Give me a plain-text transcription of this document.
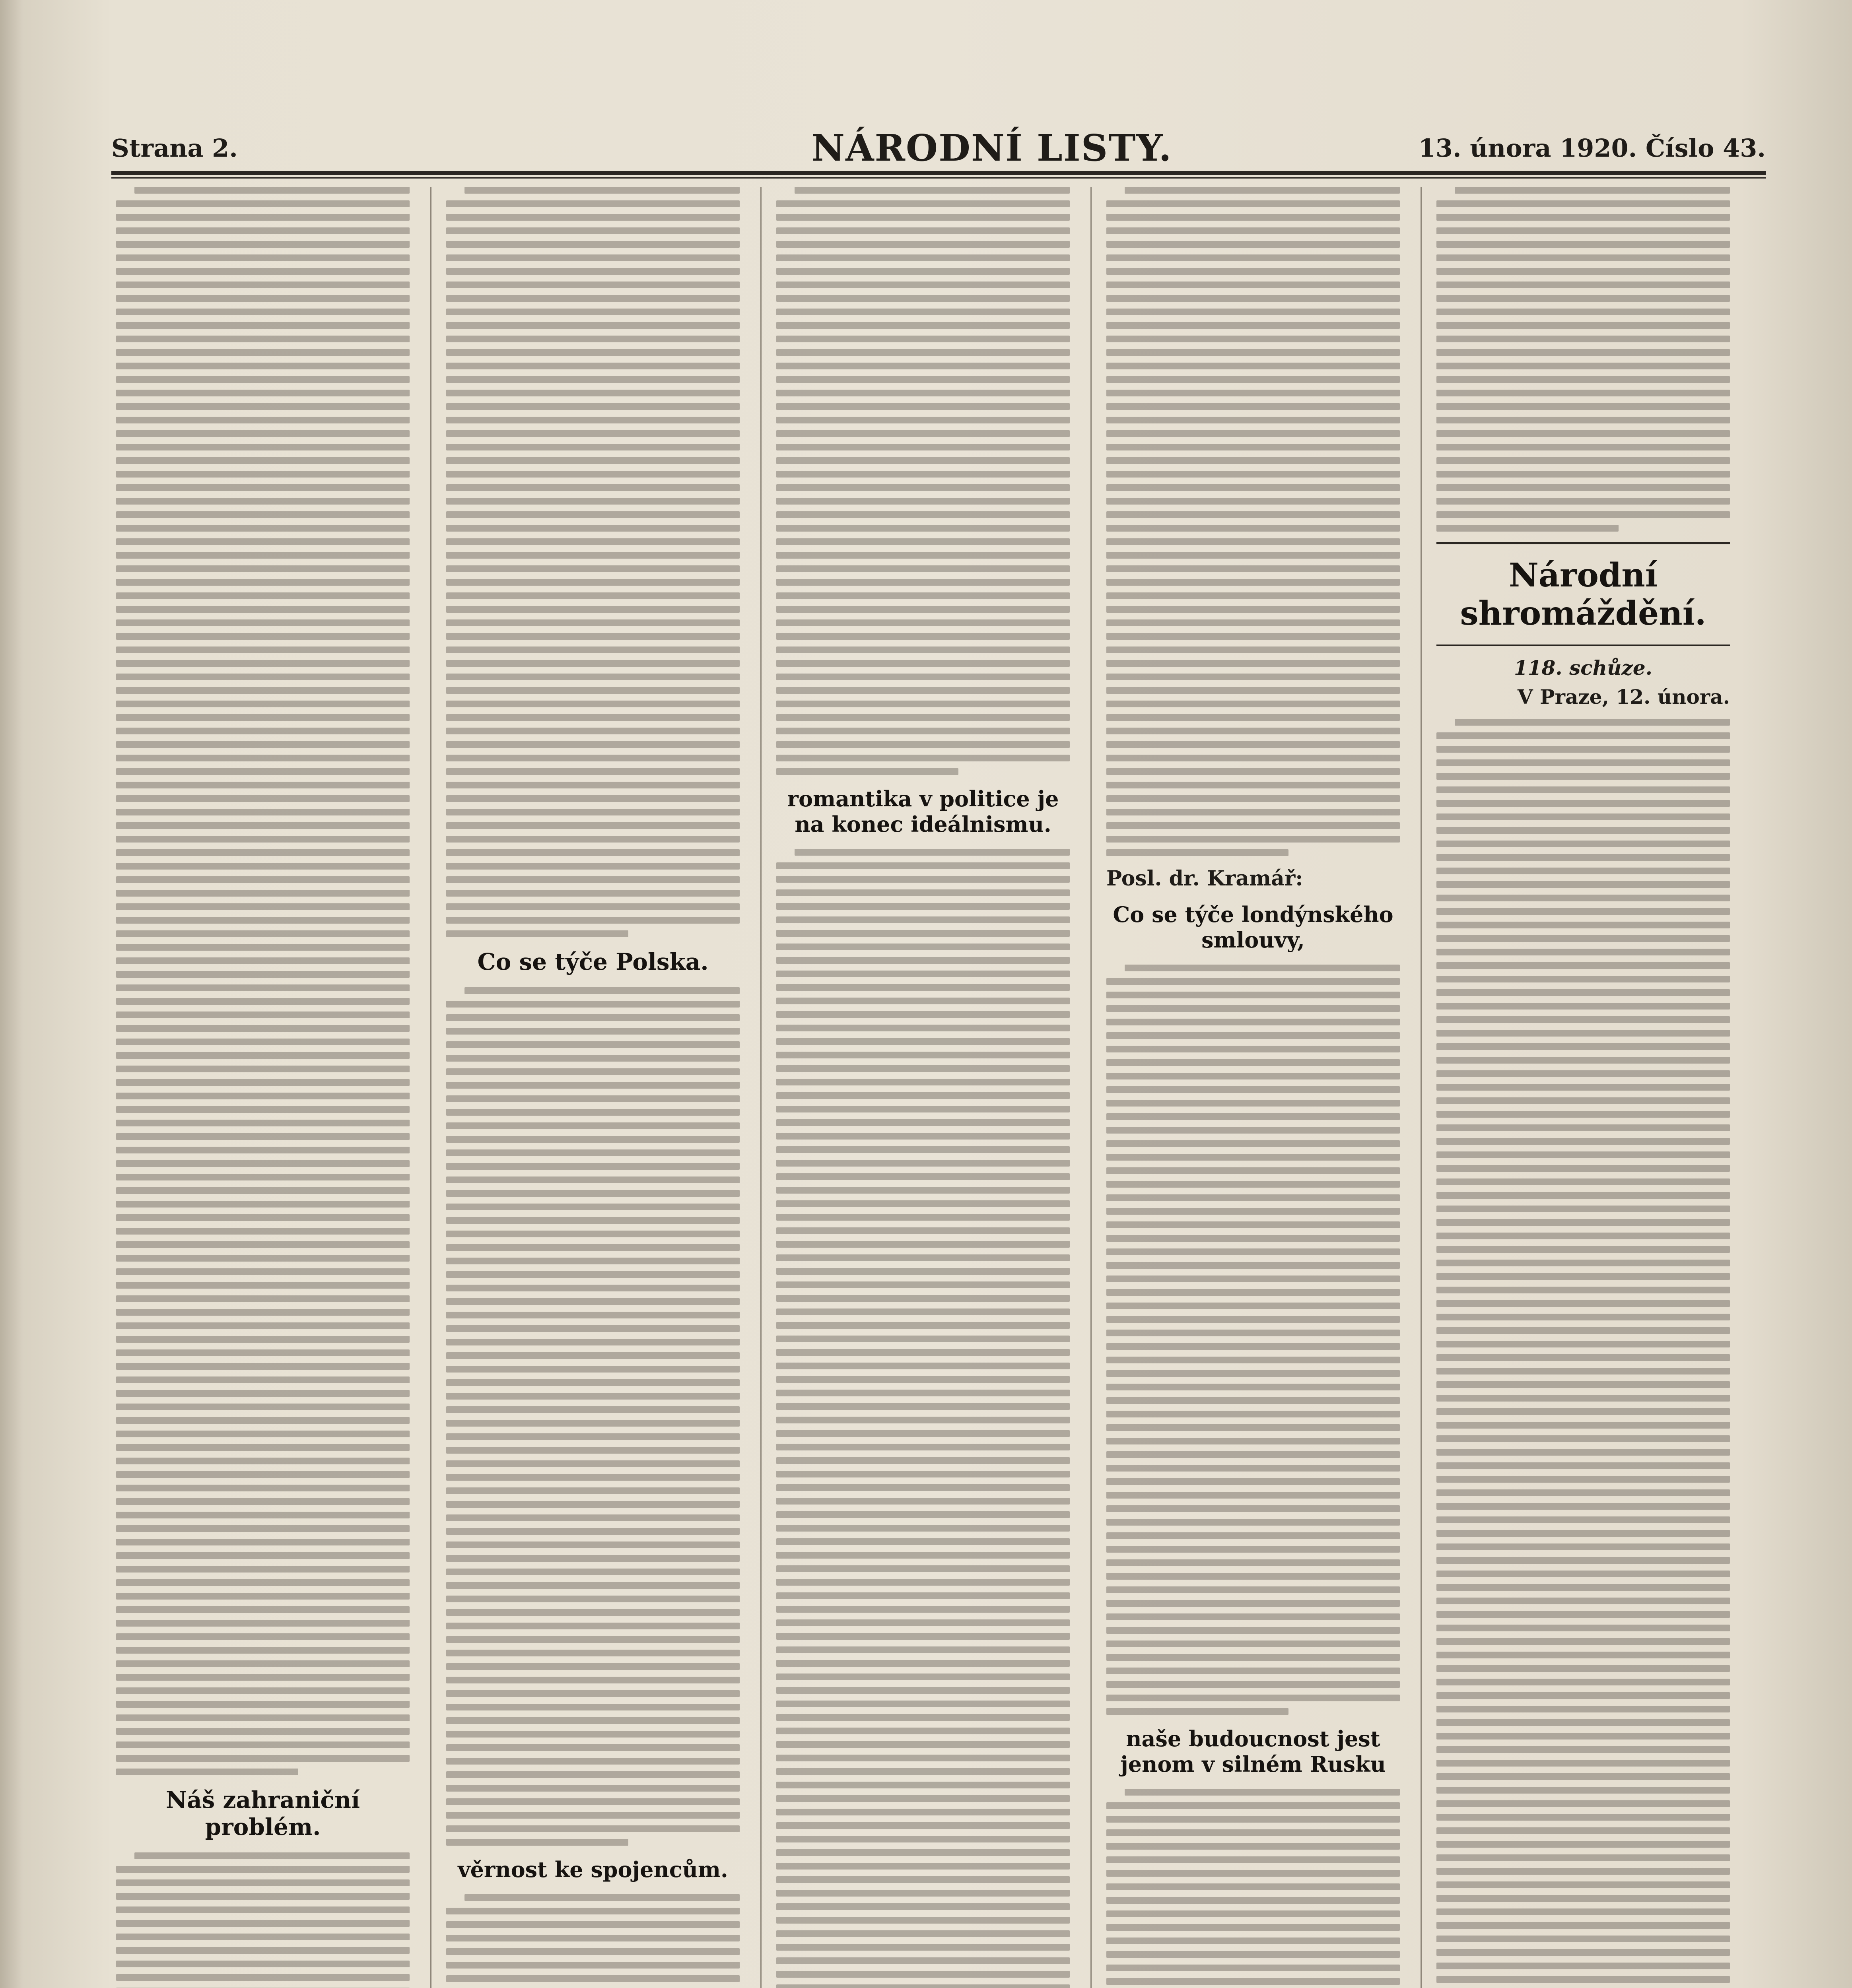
Strana 2.	NÁRODNÍ LISTY.	13. února 1920. Číslo 43.
Náš zahraniční problém.
Co se týče Polska.
věrnost ke spojencům.
romantika v politice je na konec ideálnismu.
Posl. dr. Kramář:
Co se týče londýnského smlouvy,
naše budoucnost jest jenom v silném Rusku
Národní shromáždění.
118. schůze.
V Praze, 12. února.
